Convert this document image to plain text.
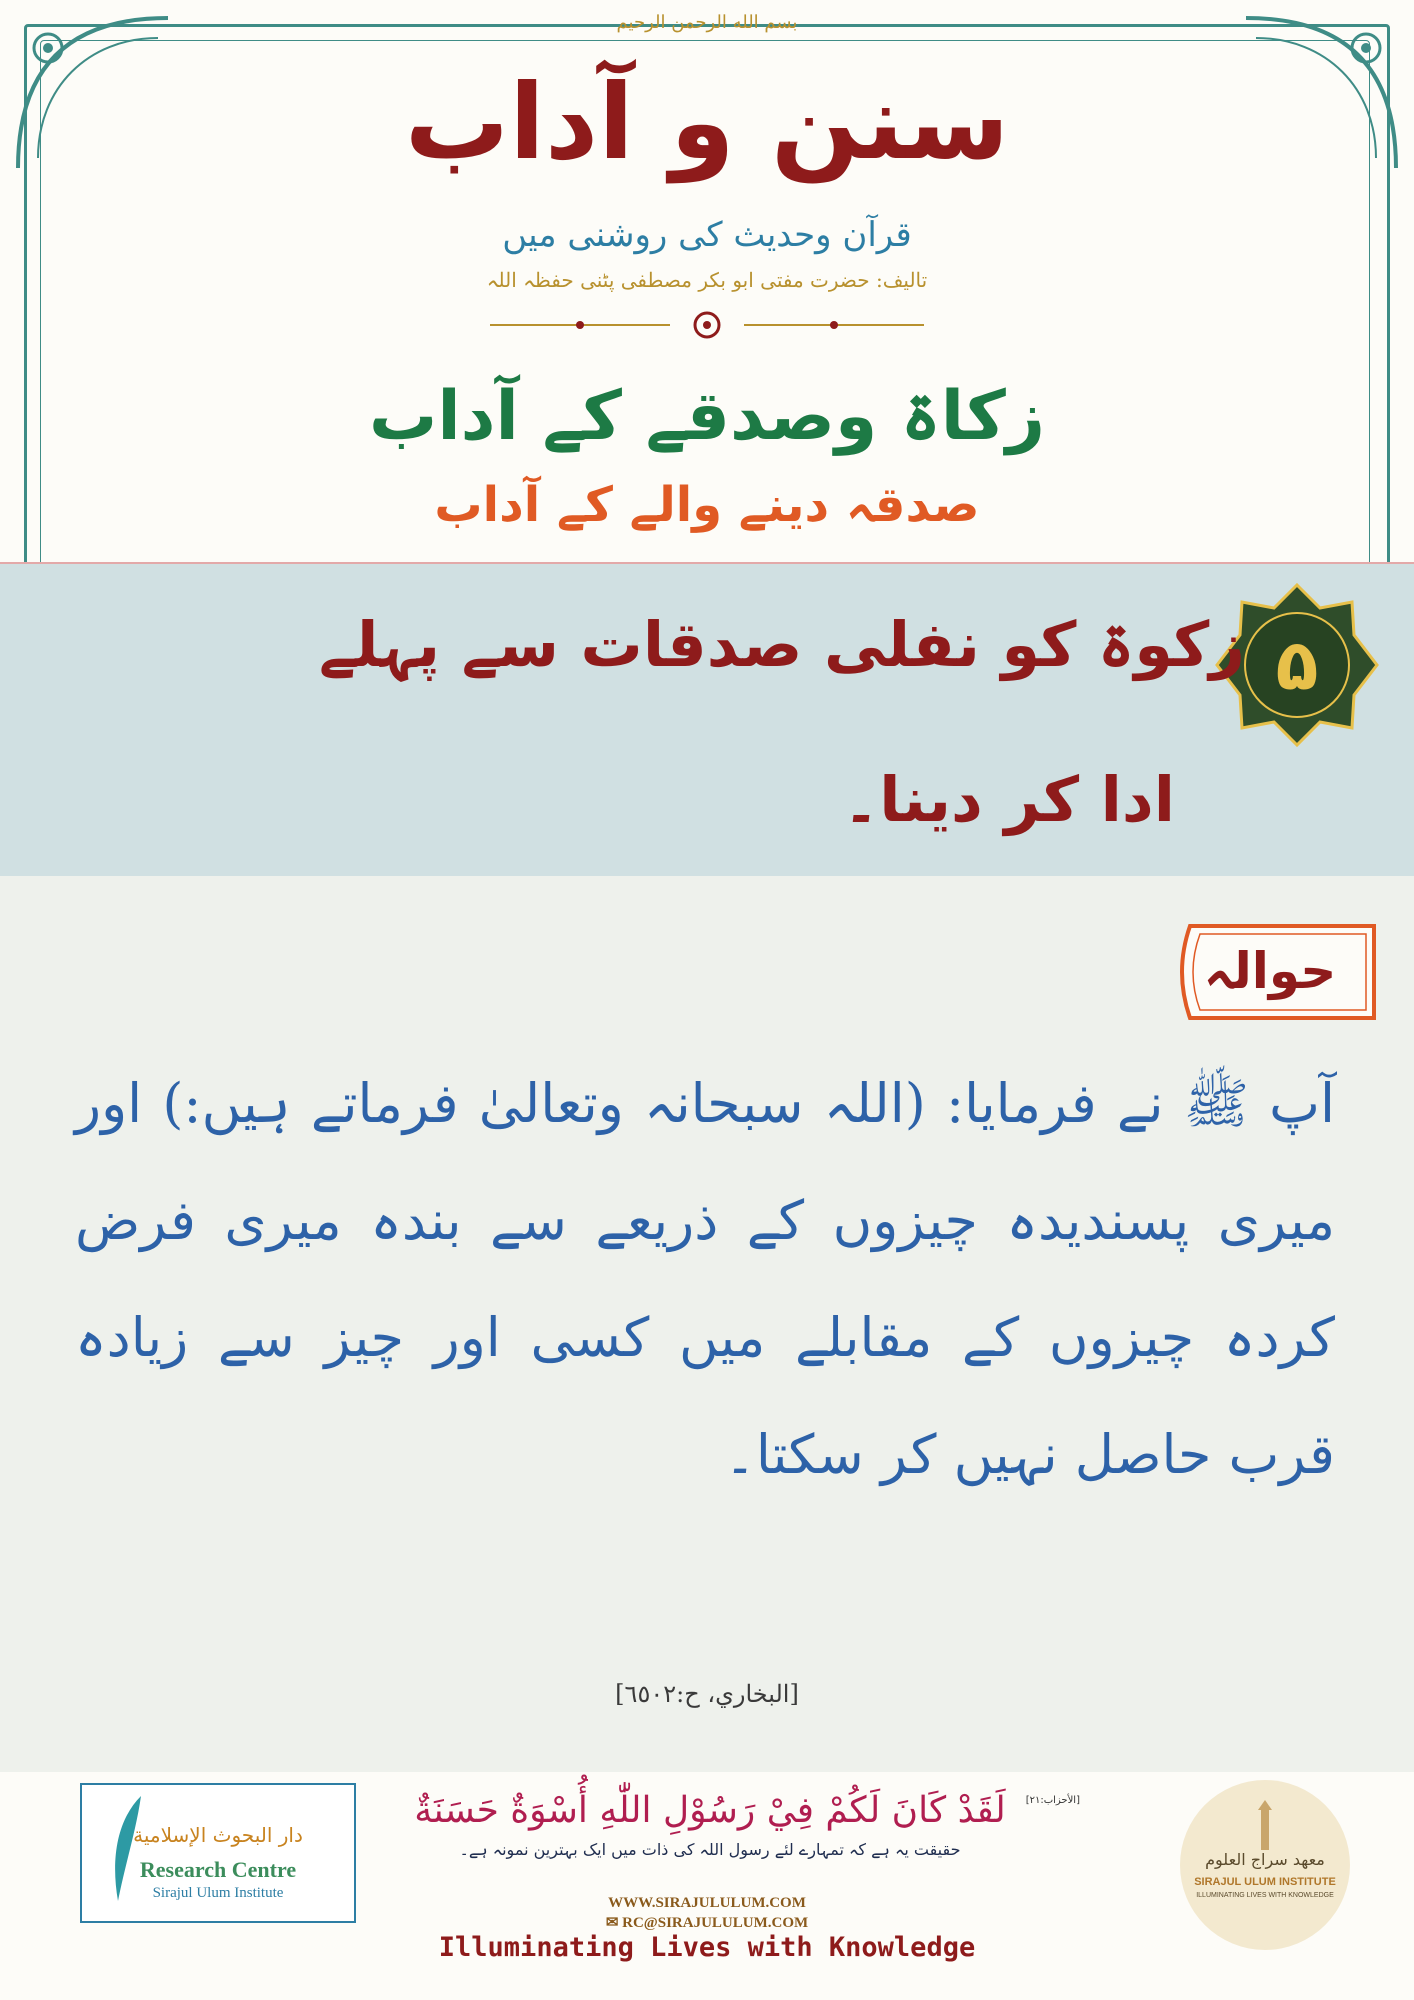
بسم الله الرحمن الرحيم
سنن و آداب
قرآن وحدیث کی روشنی میں
تالیف: حضرت مفتی ابو بکر مصطفی پٹنی حفظہ اللہ
زکاۃ وصدقے کے آداب
صدقہ دینے والے کے آداب
۵
زکوۃ کو نفلی صدقات سے پہلے
ادا کر دینا۔
حوالہ
آپ ﷺ نے فرمایا: (اللہ سبحانہ وتعالیٰ فرماتے ہیں:) اور میری پسندیدہ چیزوں کے ذریعے سے بندہ میری فرض کردہ چیزوں کے مقابلے میں کسی اور چیز سے زیادہ قرب حاصل نہیں کر سکتا۔
[البخاري، ح:٦٥٠٢]
دار البحوث الإسلامية
Research Centre
Sirajul Ulum Institute
لَقَدْ كَانَ لَكُمْ فِيْ رَسُوْلِ اللّٰهِ أُسْوَةٌ حَسَنَةٌ	[الأحزاب:٢١]
حقیقت یہ ہے کہ تمہارے لئے رسول اللہ کی ذات میں ایک بہترین نمونہ ہے۔
WWW.SIRAJULULUM.COM
✉ RC@SIRAJULULUM.COM
Illuminating Lives with Knowledge
معهد سراج العلوم
SIRAJUL ULUM INSTITUTE
ILLUMINATING LIVES WITH KNOWLEDGE
